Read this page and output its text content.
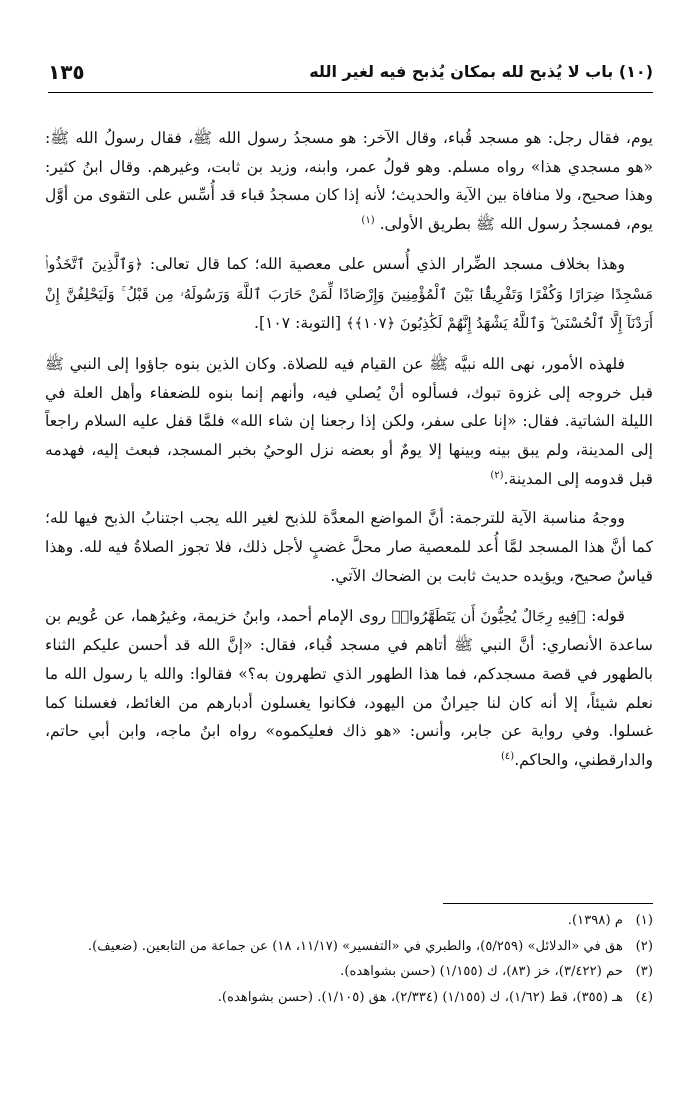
(١٠) باب لا يُذبح لله بمكان يُذبح فيه لغير الله
١٣٥

يوم، فقال رجل: هو مسجد قُباء، وقال الآخر: هو مسجدُ رسول الله ﷺ، فقال رسولُ الله ﷺ: «هو مسجدي هذا» رواه مسلم. وهو قولُ عمر، وابنه، وزيد بن ثابت، وغيرهم. وقال ابنُ كثير: وهذا صحيح، ولا منافاة بين الآية والحديث؛ لأنه إذا كان مسجدُ قباء قد أُسِّس على التقوى من أوَّل يوم، فمسجدُ رسول الله ﷺ بطريق الأولى. $^{(١)}$

وهذا بخلاف مسجد الضِّرار الذي أُسس على معصية الله؛ كما قال تعالى: ﴿وَٱلَّذِينَ ٱتَّخَذُوا۟ مَسْجِدًا ضِرَارًا وَكُفْرًا وَتَفْرِيقًۢا بَيْنَ ٱلْمُؤْمِنِينَ وَإِرْصَادًا لِّمَنْ حَارَبَ ٱللَّهَ وَرَسُولَهُۥ مِن قَبْلُ ۚ وَلَيَحْلِفُنَّ إِنْ أَرَدْنَآ إِلَّا ٱلْحُسْنَىٰ ۖ وَٱللَّهُ يَشْهَدُ إِنَّهُمْ لَكَٰذِبُونَ ﴿١٠٧﴾﴾ [التوبة: ١٠٧].

فلهذه الأمور، نهى الله نبيَّه ﷺ عن القيام فيه للصلاة. وكان الذين بنوه جاؤوا إلى النبي ﷺ قبل خروجه إلى غزوة تبوك، فسألوه أنْ يُصلي فيه، وأنهم إنما بنوه للضعفاء وأهل العلة في الليلة الشاتية. فقال: «إنا على سفر، ولكن إذا رجعنا إن شاء الله» فلمَّا قفل عليه السلام راجعاً إلى المدينة، ولم يبق بينه وبينها إلا يومٌ أو بعضه نزل الوحيُ بخبر المسجد، فبعث إليه، فهدمه قبل قدومه إلى المدينة.$^{(٢)}$

ووجهُ مناسبة الآية للترجمة: أنَّ المواضع المعدَّة للذبح لغير الله يجب اجتنابُ الذبح فيها لله؛ كما أنَّ هذا المسجد لمَّا أُعد للمعصية صار محلَّ غضبٍ لأجل ذلك، فلا تجوز الصلاةُ فيه لله. وهذا قياسٌ صحيح، ويؤيده حديث ثابت بن الضحاك الآتي.

قوله: ﴿فِيهِ رِجَالٌ يُحِبُّونَ أَن يَتَطَهَّرُوا۟﴾ روى الإمام أحمد، وابنُ خزيمة، وغيرُهما، عن عُويم بن ساعدة الأنصاري: أنَّ النبي ﷺ أتاهم في مسجد قُباء، فقال: «إنَّ الله قد أحسن عليكم الثناء بالطهور في قصة مسجدكم، فما هذا الطهور الذي تطهرون به؟» فقالوا: والله يا رسول الله ما نعلم شيئاً، إلا أنه كان لنا جيرانٌ من اليهود، فكانوا يغسلون أدبارهم من الغائط، فغسلنا كما غسلوا. وفي رواية عن جابر، وأنس: «هو ذاك فعليكموه» رواه ابنُ ماجه، وابن أبي حاتم، والدارقطني، والحاكم.$^{(٤)}$

(١)
م (١٣٩٨).
(٢)
هق في «الدلائل» (٥/٢٥٩)، والطبري في «التفسير» (١١/١٧، ١٨) عن جماعة من التابعين. (ضعيف).
(٣)
حم (٣/٤٢٢)، خز (٨٣)، ك (١/١٥٥) (حسن بشواهده).
(٤)
هـ (٣٥٥)، قط (١/٦٢)، ك (١/١٥٥) (٢/٣٣٤)، هق (١/١٠٥). (حسن بشواهده).
